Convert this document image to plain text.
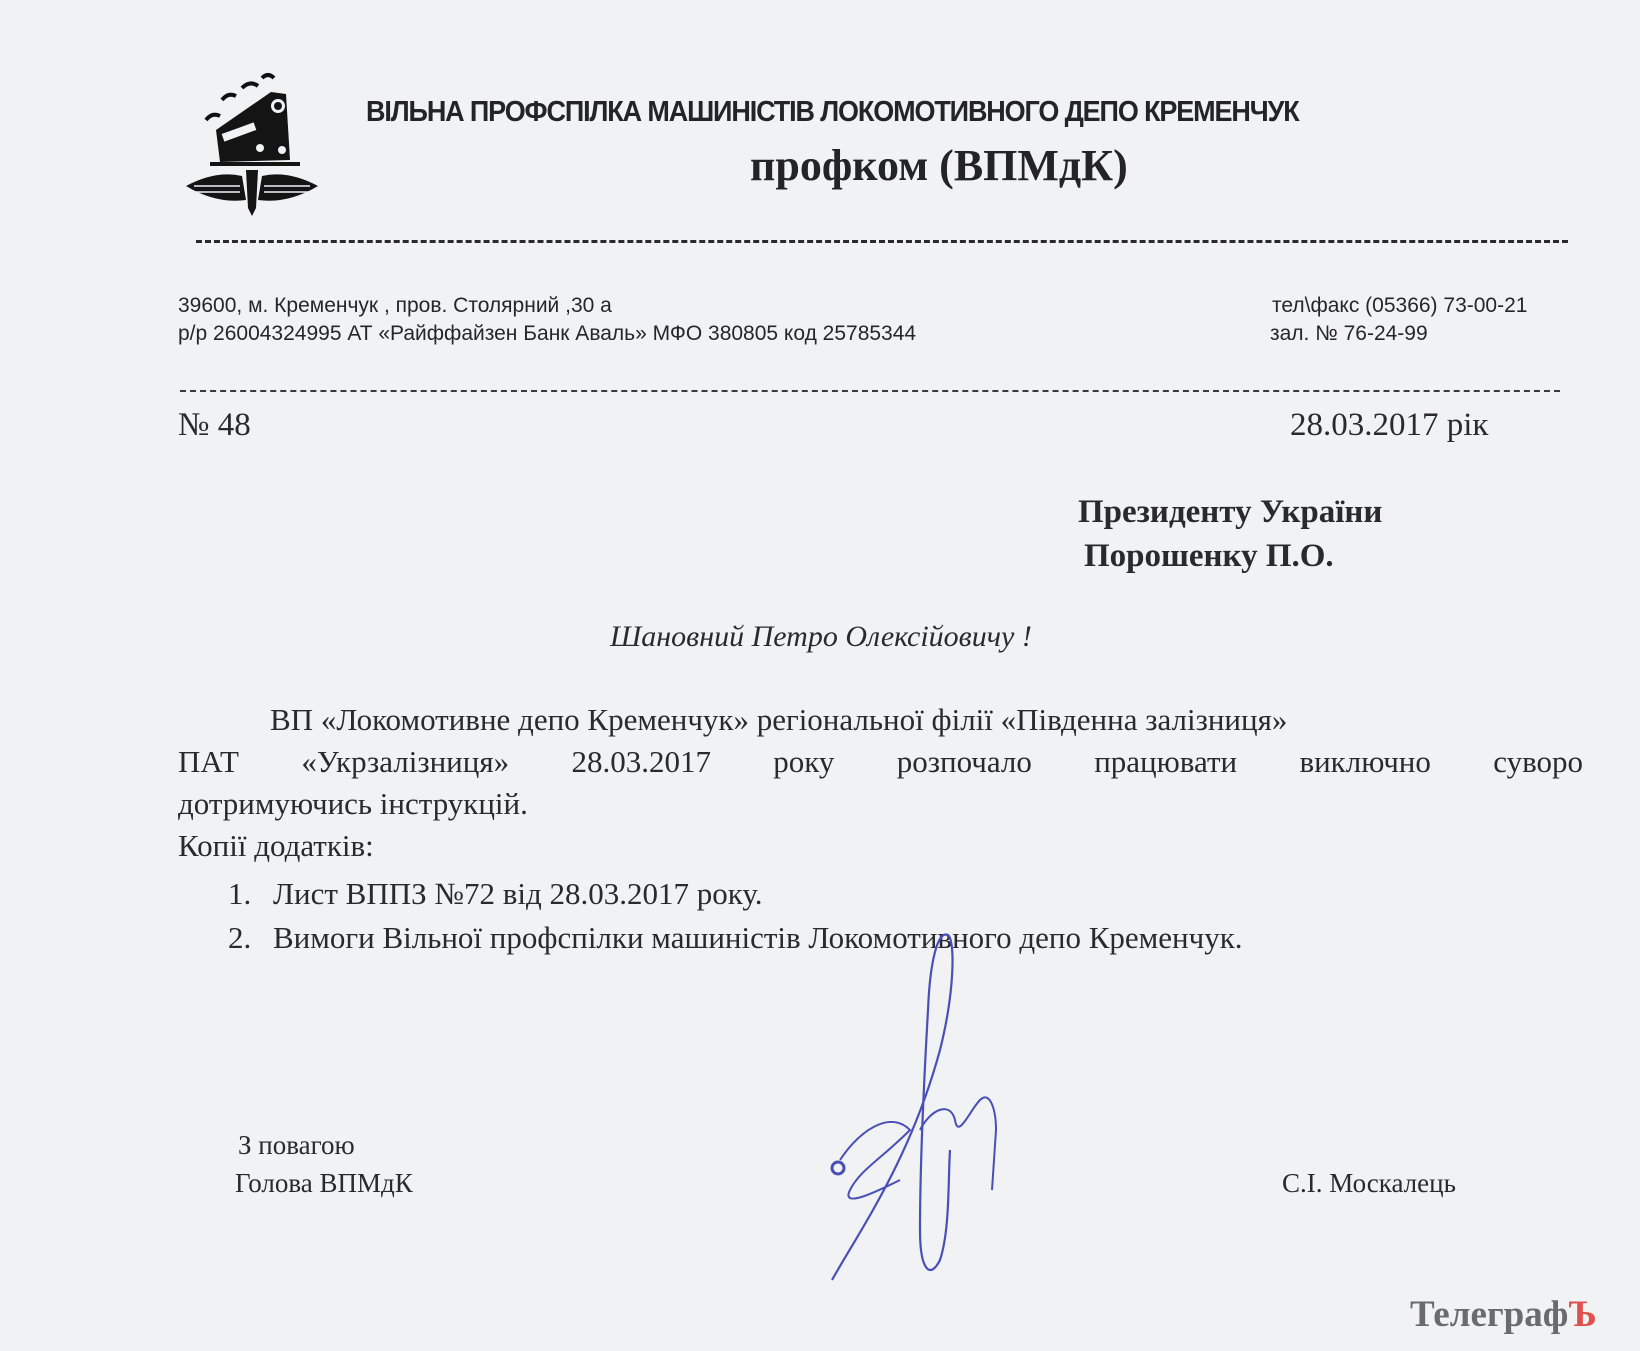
ВІЛЬНА ПРОФСПІЛКА МАШИНІСТІВ ЛОКОМОТИВНОГО ДЕПО КРЕМЕНЧУК
профком (ВПМдК)
39600, м. Кременчук , пров. Столярний ,30 а
р/р 26004324995 АТ «Райффайзен Банк Аваль» МФО 380805 код 25785344
тел\факс (05366) 73-00-21
зал. № 76-24-99
№ 48	28.03.2017 рік
Президенту України
Порошенку П.О.
Шановний Петро Олексійовичу !
ВП «Локомотивне депо Кременчук» регіональної філії «Південна залізниця»
ПАТ «Укрзалізниця» 28.03.2017 року розпочало працювати виключно суворо
дотримуючись інструкцій.
Копії додатків:
1. Лист ВППЗ №72 від 28.03.2017 року.
2. Вимоги Вільної профспілки машиністів Локомотивного депо Кременчук.
З повагою
Голова ВПМдК	С.І. Москалець
ТелеграфЪ
